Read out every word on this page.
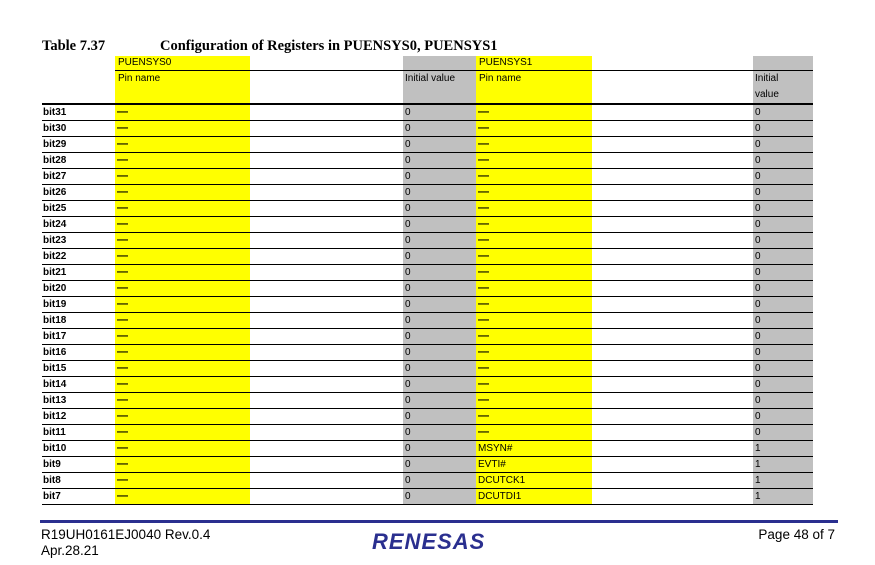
Table 7.37	Configuration of Registers in PUENSYS0, PUENSYS1
PUENSYS0	PUENSYS1
Pin name	Initial value	Pin name	Initial
value
bit31	—	0	—	0
bit30	—	0	—	0
bit29	—	0	—	0
bit28	—	0	—	0
bit27	—	0	—	0
bit26	—	0	—	0
bit25	—	0	—	0
bit24	—	0	—	0
bit23	—	0	—	0
bit22	—	0	—	0
bit21	—	0	—	0
bit20	—	0	—	0
bit19	—	0	—	0
bit18	—	0	—	0
bit17	—	0	—	0
bit16	—	0	—	0
bit15	—	0	—	0
bit14	—	0	—	0
bit13	—	0	—	0
bit12	—	0	—	0
bit11	—	0	—	0
bit10	—	0	MSYN#	1
bit9	—	0	EVTI#	1
bit8	—	0	DCUTCK1	1
bit7	—	0	DCUTDI1	1
R19UH0161EJ0040 Rev.0.4
Apr.28.21	RENESAS	Page 48 of 7
